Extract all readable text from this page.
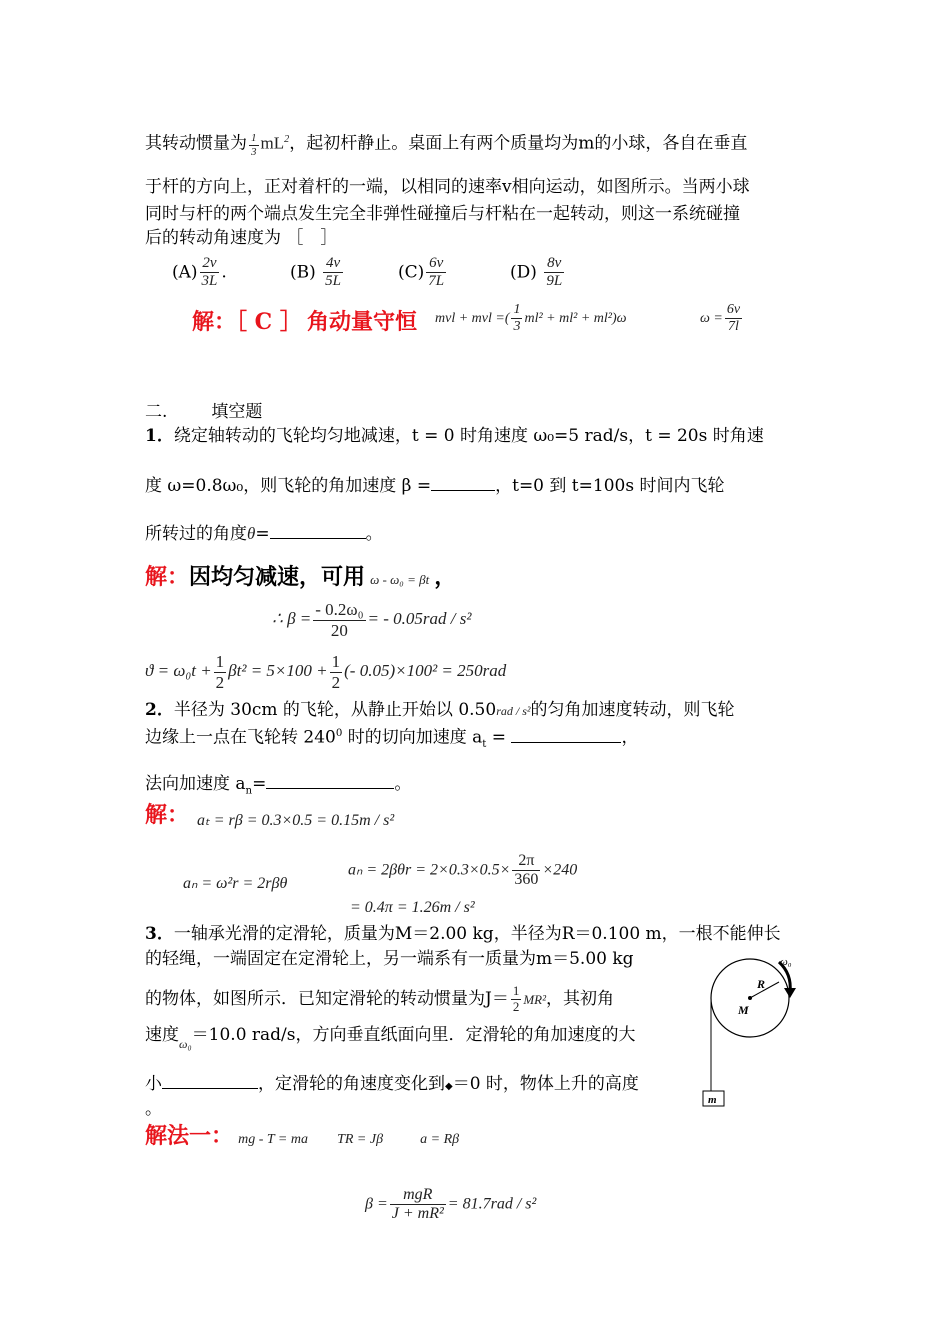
其转动惯量为 $\frac{1}{3} mL^2$，起初杆静止。桌面上有两个质量均为m的小球，各自在垂直
于杆的方向上，正对着杆的一端，以相同的速率v相向运动，如图所示。当两小球
同时与杆的两个端点发生完全非弹性碰撞后与杆粘在一起转动，则这一系统碰撞
后的转动角速度为 ［　］
$(A) \frac{2v}{3L}$ .	$(B) \frac{4v}{5L}$	$(C) \frac{6v}{7L}$	$(D) \frac{8v}{9L}$
解：［ C ］ 角动量守恒 mvl + mvl =( $\frac{1}{3} ml^2 + ml^2 + ml^2)\omega$	$\omega = \frac{6v}{7l}$
二.	填空题
1．绕定轴转动的飞轮均匀地减速，t = 0 时角速度 ω₀=5 rad/s，t = 20s 时角速
度 ω=0.8ω₀，则飞轮的角加速度 β =	，t=0 到 t=100s 时间内飞轮
所转过的角度θ=	。
解：因均匀减速，可用 ω - ω₀ = βt ，
∴ $\beta = \frac{\text{- 0.2ω₀}}{20}$ = - 0.05rad / s²
$ϑ = \omega_0t + \frac{1}{2} \beta t^2 = 5\times 100 + \frac{1}{2}$ (- 0.05)×100² = 250rad
2．半径为 30cm 的飞轮，从静止开始以 0.50rad / s²的匀角加速度转动，则飞轮
边缘上一点在飞轮转 $240^0$ 时的切向加速度 $a_t$ =	，
法向加速度 $a_n=$	。
解： aₜ = rβ = 0.3×0.5 = 0.15m / s²
aₙ = ω²r = 2rβθ
$a_n = 2\beta\theta r = 2\times 0.3\times 0.5\times \frac{2\pi}{360} \times 240$
= 0.4π = 1.26m / s²
3．一轴承光滑的定滑轮，质量为M＝2.00 kg，半径为R＝0.100 m，一根不能伸长
的轻绳，一端固定在定滑轮上，另一端系有一质量为m＝5.00 kg
的物体，如图所示．已知定滑轮的转动惯量为$J= \frac{1}{2} MR^2$，其初角
速度$_{\omega_0}$＝10.0 rad/s，方向垂直纸面向里．定滑轮的角加速度的大
小	，定滑轮的角速度变化到◆＝0 时，物体上升的高度
。
ω₀
R
M
m
解法一： mg - T = ma TR = Jβ	a = Rβ
$\beta = \frac{\text{mgR}}{\text{J + mR²}} = 81.7rad / s^2$
